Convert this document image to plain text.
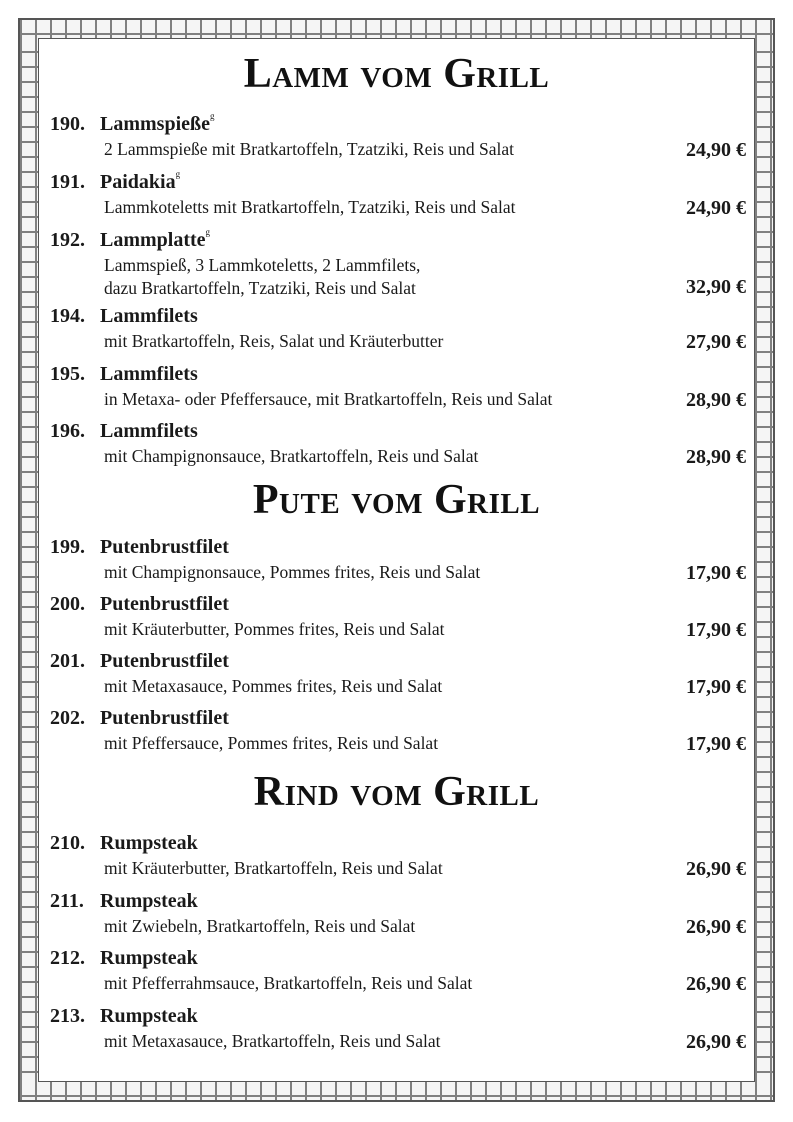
Lamm vom Grill
190. Lammspieße$^g$
2 Lammspieße mit Bratkartoffeln, Tzatziki, Reis und Salat	24,90 €
191. Paidakia$^g$
Lammkoteletts mit Bratkartoffeln, Tzatziki, Reis und Salat	24,90 €
192. Lammplatte$^g$
Lammspieß, 3 Lammkoteletts, 2 Lammfilets,
dazu Bratkartoffeln, Tzatziki, Reis und Salat	32,90 €
194. Lammfilets
mit Bratkartoffeln, Reis, Salat und Kräuterbutter	27,90 €
195. Lammfilets
in Metaxa- oder Pfeffersauce, mit Bratkartoffeln, Reis und Salat	28,90 €
196. Lammfilets
mit Champignonsauce, Bratkartoffeln, Reis und Salat	28,90 €
Pute vom Grill
199. Putenbrustfilet
mit Champignonsauce, Pommes frites, Reis und Salat	17,90 €
200. Putenbrustfilet
mit Kräuterbutter, Pommes frites, Reis und Salat	17,90 €
201. Putenbrustfilet
mit Metaxasauce, Pommes frites, Reis und Salat	17,90 €
202. Putenbrustfilet
mit Pfeffersauce, Pommes frites, Reis und Salat	17,90 €
Rind vom Grill
210. Rumpsteak
mit Kräuterbutter, Bratkartoffeln, Reis und Salat	26,90 €
211. Rumpsteak
mit Zwiebeln, Bratkartoffeln, Reis und Salat	26,90 €
212. Rumpsteak
mit Pfefferrahmsauce, Bratkartoffeln, Reis und Salat	26,90 €
213. Rumpsteak
mit Metaxasauce, Bratkartoffeln, Reis und Salat	26,90 €
